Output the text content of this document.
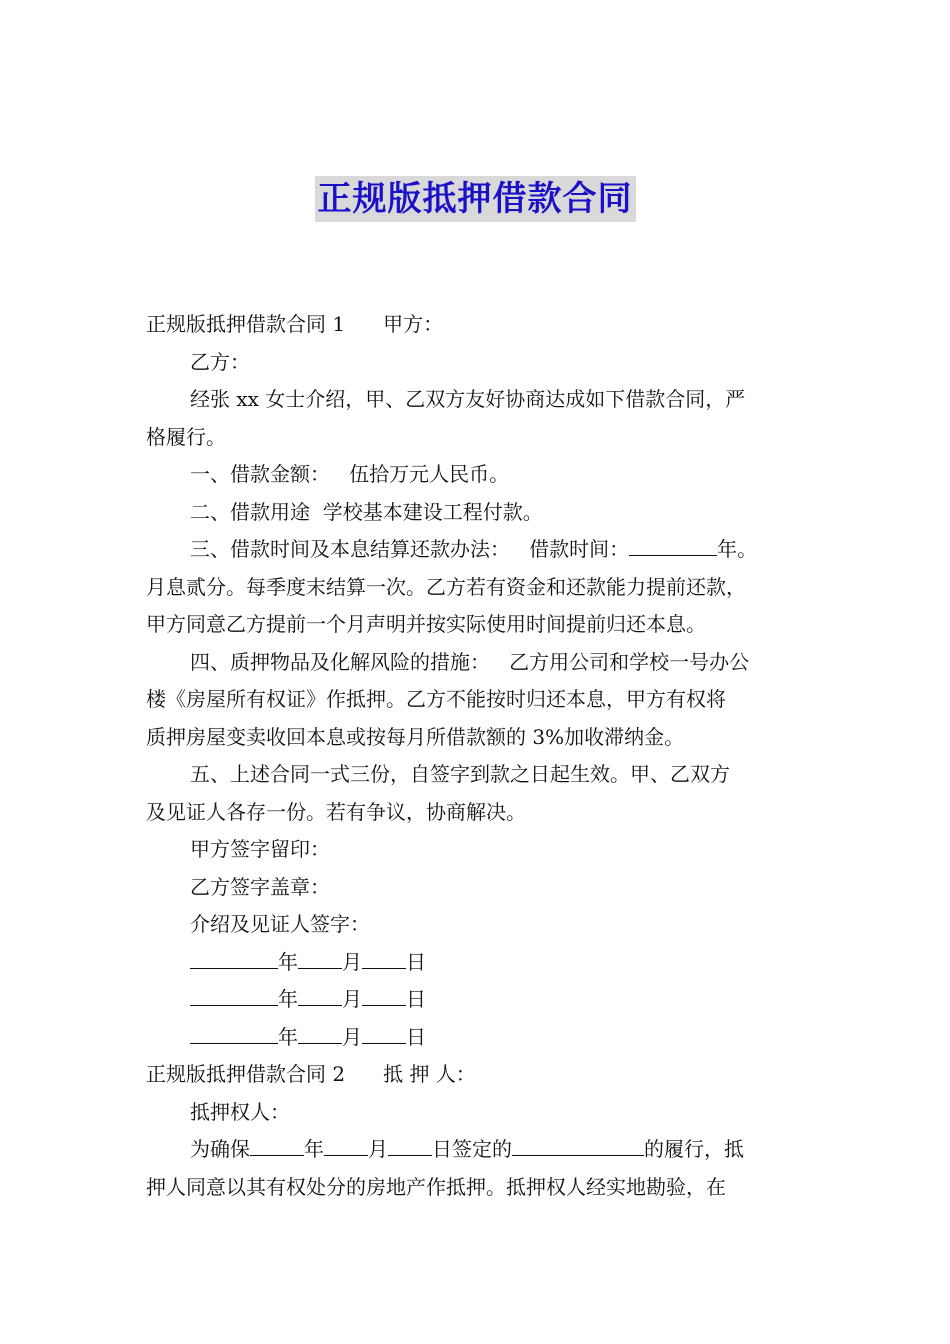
正规版抵押借款合同
正规版抵押借款合同 1 甲方：
乙方：
经张 xx 女士介绍，甲、乙双方友好协商达成如下借款合同，严
格履行。
一、借款金额：   伍拾万元人民币。
二、借款用途  学校基本建设工程付款。
三、借款时间及本息结算还款办法：   借款时间：	年。
月息贰分。每季度末结算一次。乙方若有资金和还款能力提前还款，
甲方同意乙方提前一个月声明并按实际使用时间提前归还本息。
四、质押物品及化解风险的措施：   乙方用公司和学校一号办公
楼《房屋所有权证》作抵押。乙方不能按时归还本息，甲方有权将
质押房屋变卖收回本息或按每月所借款额的 3%加收滞纳金。
五、上述合同一式三份，自签字到款之日起生效。甲、乙双方
及见证人各存一份。若有争议，协商解决。
甲方签字留印：
乙方签字盖章：
介绍及见证人签字：
年 月 日
年 月 日
年 月 日
正规版抵押借款合同 2 抵 押 人：
抵押权人：
为确保	年 月 日签定的	的履行，抵
押人同意以其有权处分的房地产作抵押。抵押权人经实地勘验，在
